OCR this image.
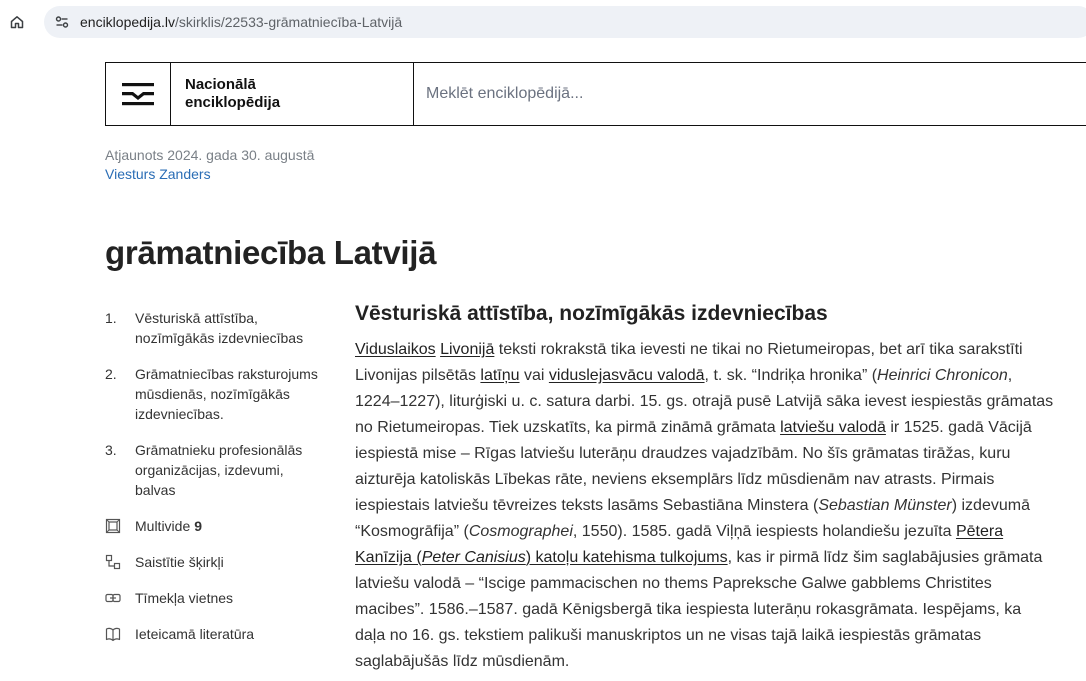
enciklopedija.lv/skirklis/22533-grāmatniecība-Latvijā
Nacionālā
enciklopēdija
Meklēt enciklopēdijā...
Atjaunots 2024. gada 30. augustā
Viesturs Zanders
grāmatniecība Latvijā
1.	Vēsturiskā attīstība, nozīmīgākās izdevniecības
2.	Grāmatniecības raksturojums mūsdienās, nozīmīgākās izdevniecības.
3.	Grāmatnieku profesionālās organizācijas, izdevumi, balvas
Multivide 9
Saistītie šķirkļi
Tīmekļa vietnes
Ieteicamā literatūra
Vēsturiskā attīstība, nozīmīgākās izdevniecības

Viduslaikos Livonijā teksti rokrakstā tika ievesti ne tikai no Rietumeiropas, bet arī tika sarakstīti Livonijas pilsētās latīņu vai viduslejasvācu valodā, t. sk. “Indriķa hronika” (Heinrici Chronicon, 1224–1227), liturģiski u. c. satura darbi. 15. gs. otrajā pusē Latvijā sāka ievest iespiestās grāmatas no Rietumeiropas. Tiek uzskatīts, ka pirmā zināmā grāmata latviešu valodā ir 1525. gadā Vācijā iespiestā mise – Rīgas latviešu luterāņu draudzes vajadzībām. No šīs grāmatas tirāžas, kuru aizturēja katoliskās Lībekas rāte, neviens eksemplārs līdz mūsdienām nav atrasts. Pirmais iespiestais latviešu tēvreizes teksts lasāms Sebastiāna Minstera (Sebastian Münster) izdevumā “Kosmogrāfija” (Cosmographei, 1550). 1585. gadā Viļņā iespiests holandiešu jezuīta Pētera Kanīzija (Peter Canisius) katoļu katehisma tulkojums, kas ir pirmā līdz šim saglabājusies grāmata latviešu valodā – “Iscige pammacischen no thems Papreksche Galwe gabblems Christites macibes”. 1586.–1587. gadā Kēnigsbergā tika iespiesta luterāņu rokasgrāmata. Iespējams, ka daļa no 16. gs. tekstiem palikuši manuskriptos un ne visas tajā laikā iespiestās grāmatas saglabājušās līdz mūsdienām.
